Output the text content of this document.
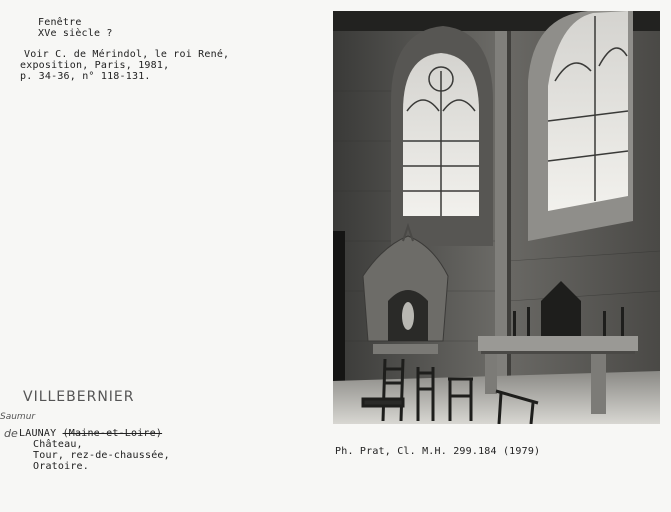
Fenêtre
XVe siècle ?
Voir C. de Mérindol, le roi René,
exposition, Paris, 1981,
p. 34-36, n° 118-131.
VILLEBERNIER
Saumur
de LAUNAY (Maine-et-Loire)
Château,
Tour, rez-de-chaussée,
Oratoire.
Ph. Prat, Cl. M.H. 299.184 (1979)
